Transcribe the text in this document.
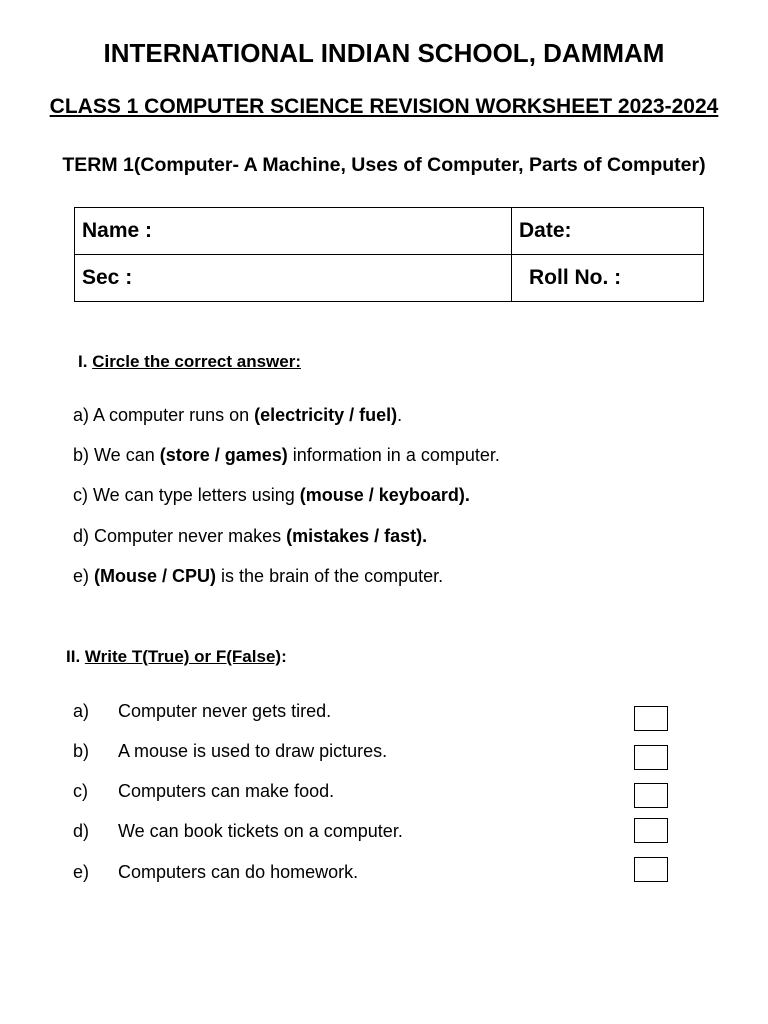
INTERNATIONAL INDIAN SCHOOL, DAMMAM
CLASS 1 COMPUTER SCIENCE REVISION WORKSHEET 2023-2024
TERM 1(Computer- A Machine, Uses of Computer, Parts of Computer)
Name :	Date:
Sec :	Roll No. :
I. Circle the correct answer:
a) A computer runs on (electricity / fuel).
b) We can (store / games) information in a computer.
c) We can type letters using (mouse / keyboard).
d) Computer never makes (mistakes / fast).
e) (Mouse / CPU) is the brain of the computer.
II. Write T(True) or F(False):
a) Computer never gets tired.
b) A mouse is used to draw pictures.
c) Computers can make food.
d) We can book tickets on a computer.
e) Computers can do homework.
